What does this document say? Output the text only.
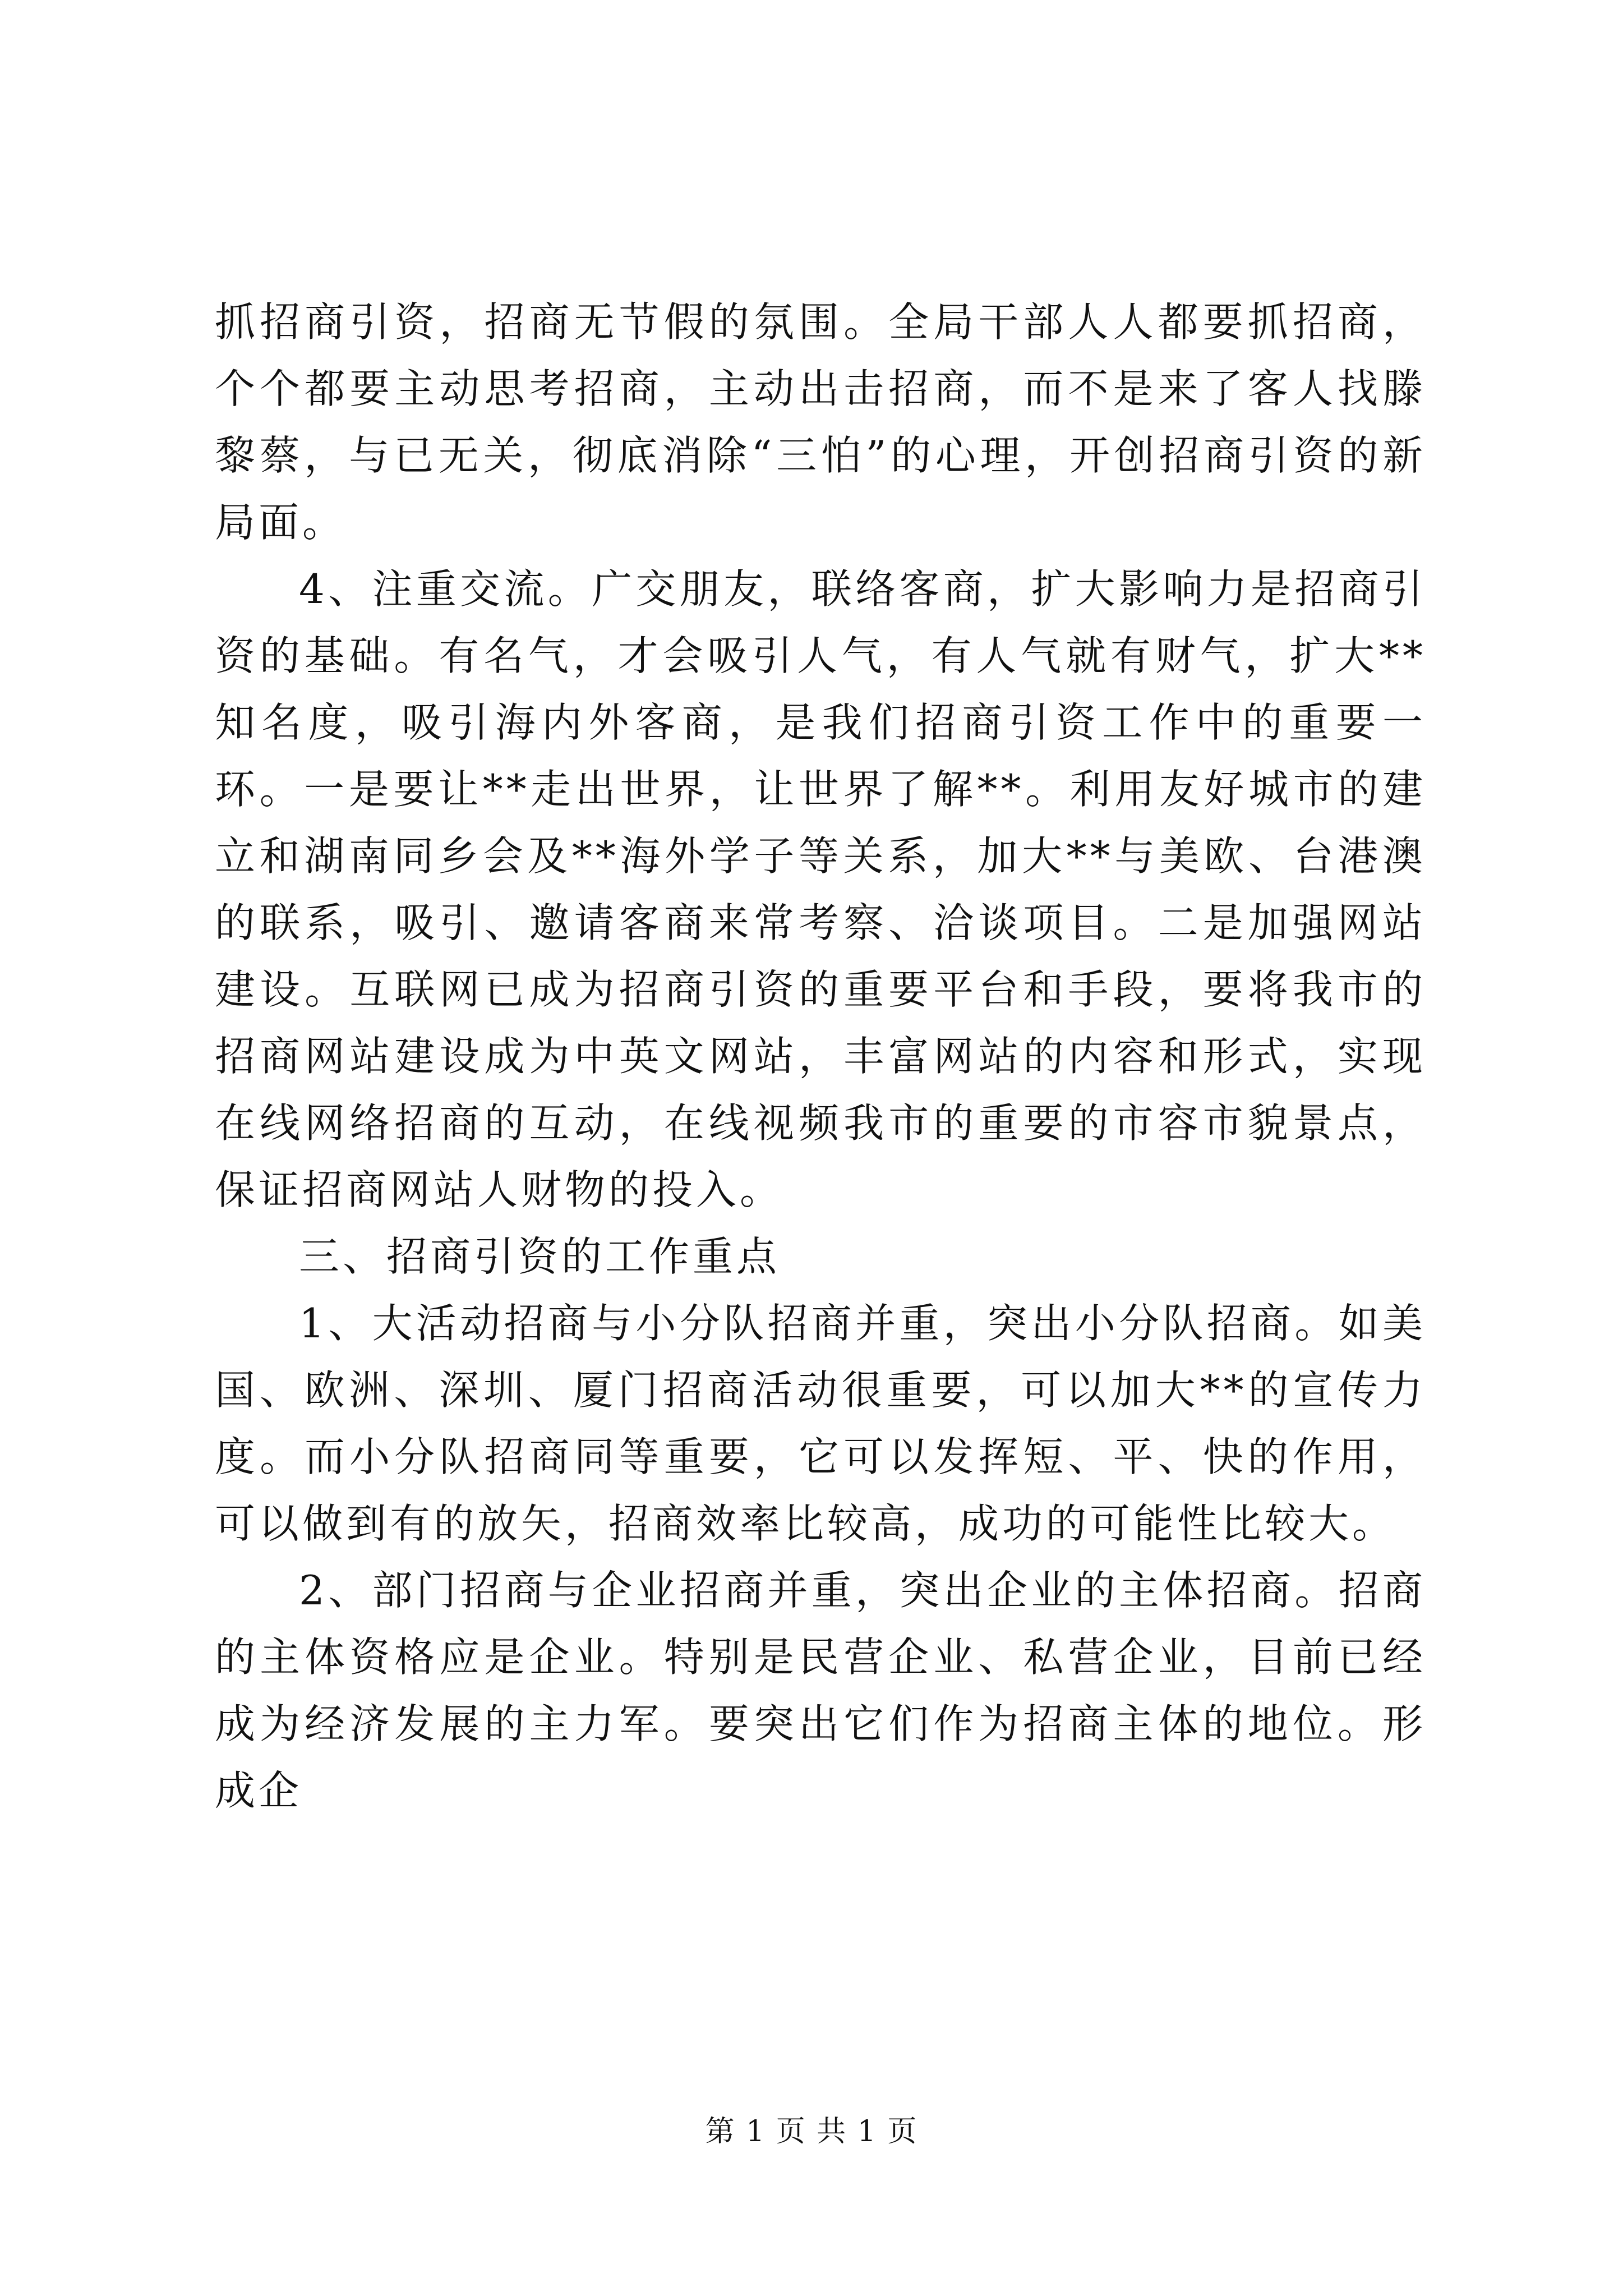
抓招商引资，招商无节假的氛围。全局干部人人都要抓招商，个个都要主动思考招商，主动出击招商，而不是来了客人找滕黎蔡，与已无关，彻底消除“三怕”的心理，开创招商引资的新局面。

4、注重交流。广交朋友，联络客商，扩大影响力是招商引资的基础。有名气，才会吸引人气，有人气就有财气，扩大**知名度，吸引海内外客商，是我们招商引资工作中的重要一环。一是要让**走出世界，让世界了解**。利用友好城市的建立和湖南同乡会及**海外学子等关系，加大**与美欧、台港澳的联系，吸引、邀请客商来常考察、洽谈项目。二是加强网站建设。互联网已成为招商引资的重要平台和手段，要将我市的招商网站建设成为中英文网站，丰富网站的内容和形式，实现在线网络招商的互动，在线视频我市的重要的市容市貌景点，保证招商网站人财物的投入。

三、招商引资的工作重点

1、大活动招商与小分队招商并重，突出小分队招商。如美国、欧洲、深圳、厦门招商活动很重要，可以加大**的宣传力度。而小分队招商同等重要，它可以发挥短、平、快的作用，可以做到有的放矢，招商效率比较高，成功的可能性比较大。

2、部门招商与企业招商并重，突出企业的主体招商。招商的主体资格应是企业。特别是民营企业、私营企业，目前已经成为经济发展的主力军。要突出它们作为招商主体的地位。形成企

第 1 页 共 1 页
